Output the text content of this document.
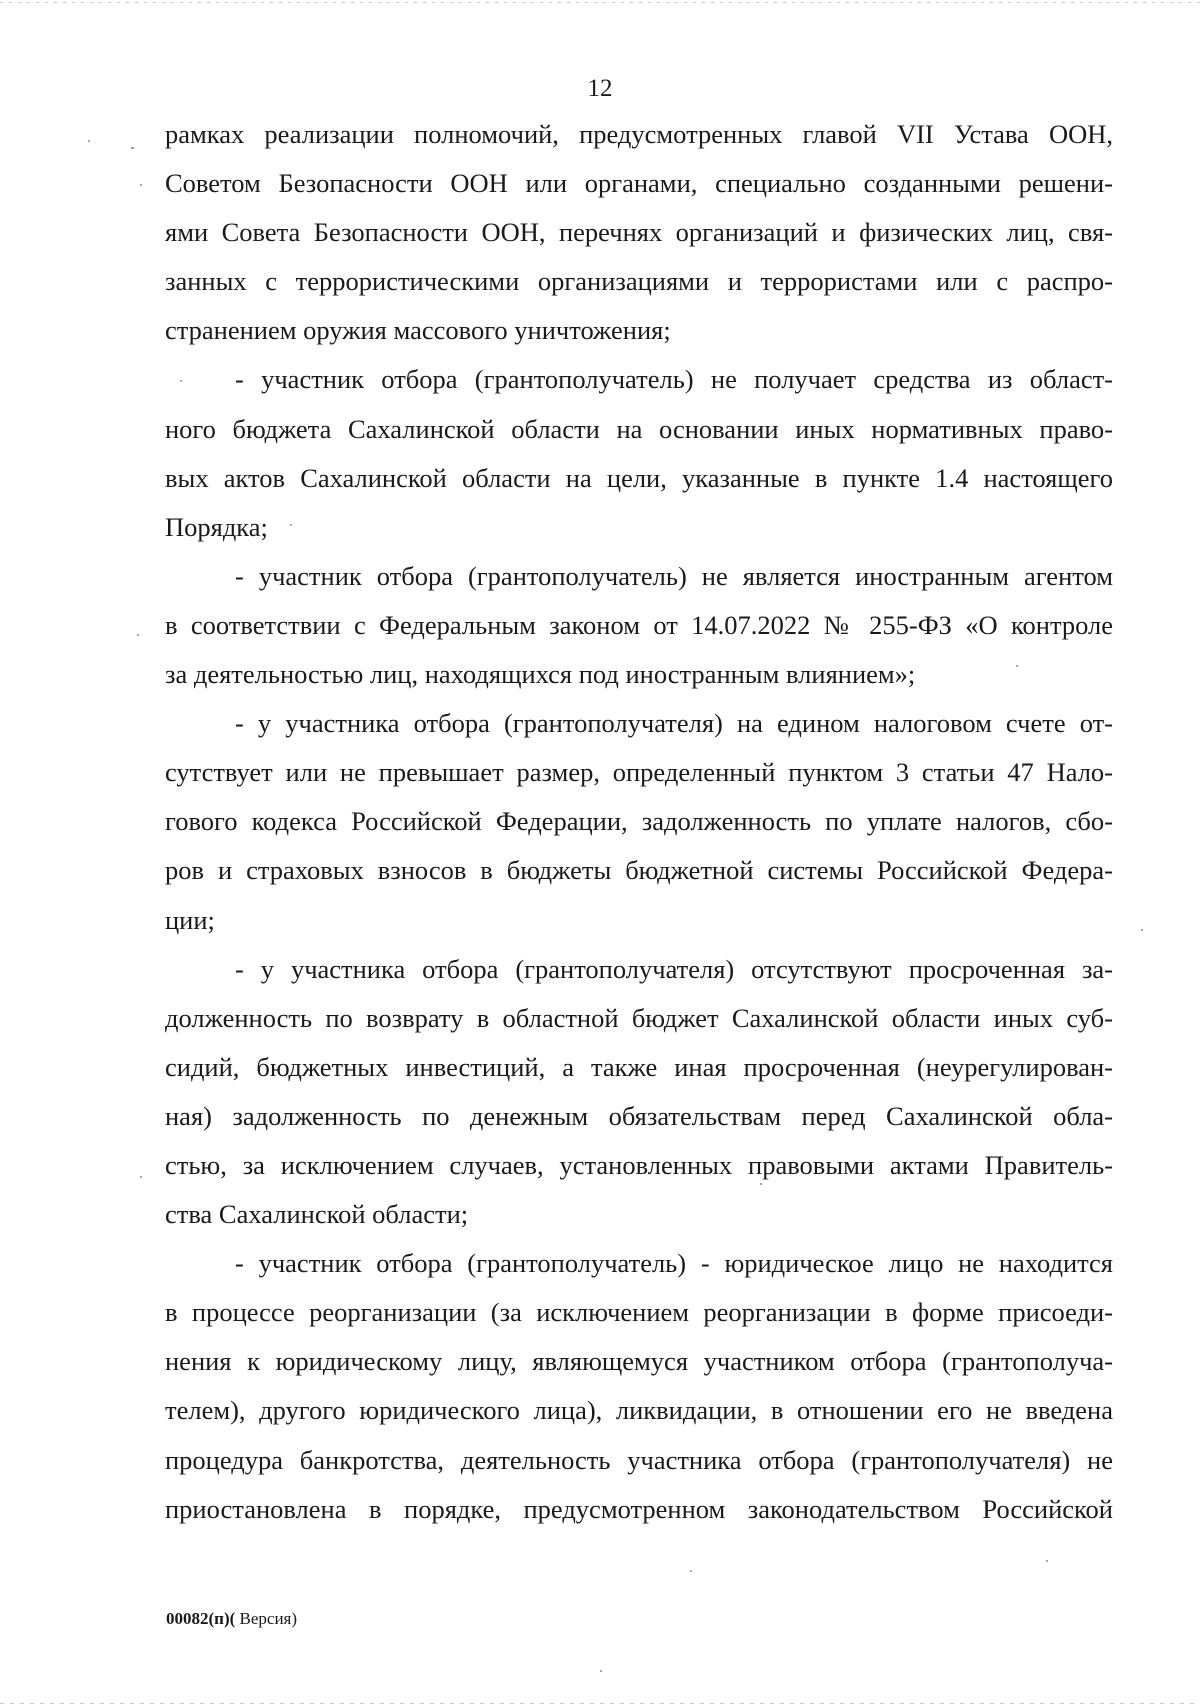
12
рамках реализации полномочий, предусмотренных главой VII Устава ООН,
Советом Безопасности ООН или органами, специально созданными решени-
ями Совета Безопасности ООН, перечнях организаций и физических лиц, свя-
занных с террористическими организациями и террористами или с распро-
странением оружия массового уничтожения;
- участник отбора (грантополучатель) не получает средства из област-
ного бюджета Сахалинской области на основании иных нормативных право-
вых актов Сахалинской области на цели, указанные в пункте 1.4 настоящего
Порядка;
- участник отбора (грантополучатель) не является иностранным агентом
в соответствии с Федеральным законом от 14.07.2022 № 255-ФЗ «О контроле
за деятельностью лиц, находящихся под иностранным влиянием»;
- у участника отбора (грантополучателя) на едином налоговом счете от-
сутствует или не превышает размер, определенный пунктом 3 статьи 47 Нало-
гового кодекса Российской Федерации, задолженность по уплате налогов, сбо-
ров и страховых взносов в бюджеты бюджетной системы Российской Федера-
ции;
- у участника отбора (грантополучателя) отсутствуют просроченная за-
долженность по возврату в областной бюджет Сахалинской области иных суб-
сидий, бюджетных инвестиций, а также иная просроченная (неурегулирован-
ная) задолженность по денежным обязательствам перед Сахалинской обла-
стью, за исключением случаев, установленных правовыми актами Правитель-
ства Сахалинской области;
- участник отбора (грантополучатель) - юридическое лицо не находится
в процессе реорганизации (за исключением реорганизации в форме присоеди-
нения к юридическому лицу, являющемуся участником отбора (грантополуча-
телем), другого юридического лица), ликвидации, в отношении его не введена
процедура банкротства, деятельность участника отбора (грантополучателя) не
приостановлена в порядке, предусмотренном законодательством Российской
00082(п)( Версия)
